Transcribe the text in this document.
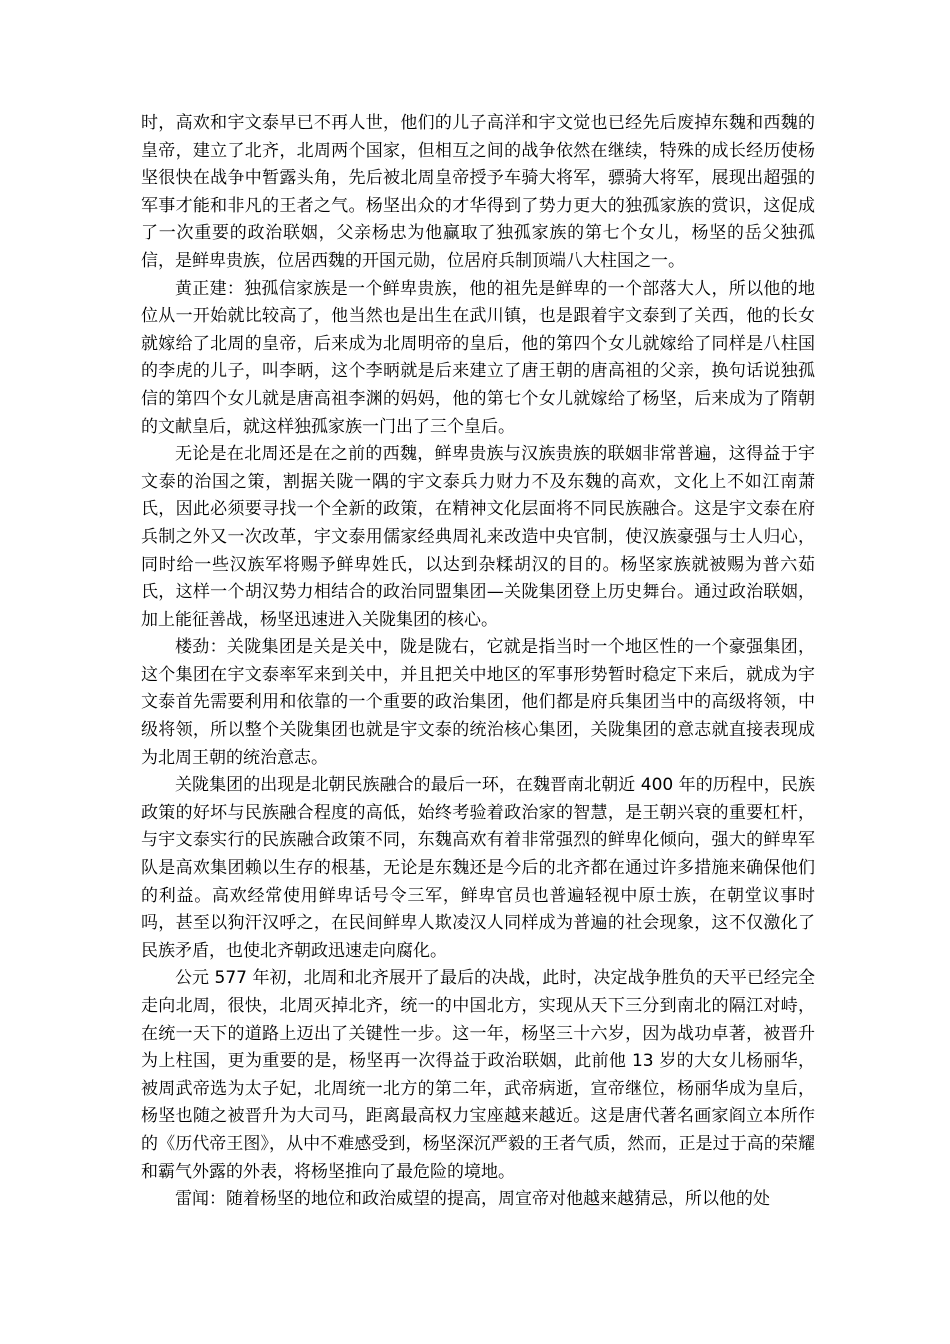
时，高欢和宇文泰早已不再人世，他们的儿子高洋和宇文觉也已经先后废掉东魏和西魏的皇帝，建立了北齐，北周两个国家，但相互之间的战争依然在继续，特殊的成长经历使杨坚很快在战争中暂露头角，先后被北周皇帝授予车骑大将军，骠骑大将军，展现出超强的军事才能和非凡的王者之气。杨坚出众的才华得到了势力更大的独孤家族的赏识，这促成了一次重要的政治联姻，父亲杨忠为他赢取了独孤家族的第七个女儿，杨坚的岳父独孤信，是鲜卑贵族，位居西魏的开国元勋，位居府兵制顶端八大柱国之一。

黄正建：独孤信家族是一个鲜卑贵族，他的祖先是鲜卑的一个部落大人，所以他的地位从一开始就比较高了，他当然也是出生在武川镇，也是跟着宇文泰到了关西，他的长女就嫁给了北周的皇帝，后来成为北周明帝的皇后，他的第四个女儿就嫁给了同样是八柱国的李虎的儿子，叫李昞，这个李昞就是后来建立了唐王朝的唐高祖的父亲，换句话说独孤信的第四个女儿就是唐高祖李渊的妈妈，他的第七个女儿就嫁给了杨坚，后来成为了隋朝的文献皇后，就这样独孤家族一门出了三个皇后。

无论是在北周还是在之前的西魏，鲜卑贵族与汉族贵族的联姻非常普遍，这得益于宇文泰的治国之策，割据关陇一隅的宇文泰兵力财力不及东魏的高欢，文化上不如江南萧氏，因此必须要寻找一个全新的政策，在精神文化层面将不同民族融合。这是宇文泰在府兵制之外又一次改革，宇文泰用儒家经典周礼来改造中央官制，使汉族豪强与士人归心，同时给一些汉族军将赐予鲜卑姓氏，以达到杂糅胡汉的目的。杨坚家族就被赐为普六茹氏，这样一个胡汉势力相结合的政治同盟集团—关陇集团登上历史舞台。通过政治联姻，加上能征善战，杨坚迅速进入关陇集团的核心。

楼劲：关陇集团是关是关中，陇是陇右，它就是指当时一个地区性的一个豪强集团，这个集团在宇文泰率军来到关中，并且把关中地区的军事形势暂时稳定下来后，就成为宇文泰首先需要利用和依靠的一个重要的政治集团，他们都是府兵集团当中的高级将领，中级将领，所以整个关陇集团也就是宇文泰的统治核心集团，关陇集团的意志就直接表现成为北周王朝的统治意志。

关陇集团的出现是北朝民族融合的最后一环，在魏晋南北朝近 400 年的历程中，民族政策的好坏与民族融合程度的高低，始终考验着政治家的智慧，是王朝兴衰的重要杠杆，与宇文泰实行的民族融合政策不同，东魏高欢有着非常强烈的鲜卑化倾向，强大的鲜卑军队是高欢集团赖以生存的根基，无论是东魏还是今后的北齐都在通过许多措施来确保他们的利益。高欢经常使用鲜卑话号令三军，鲜卑官员也普遍轻视中原士族，在朝堂议事时吗，甚至以狗汗汉呼之，在民间鲜卑人欺凌汉人同样成为普遍的社会现象，这不仅激化了民族矛盾，也使北齐朝政迅速走向腐化。

公元 577 年初，北周和北齐展开了最后的决战，此时，决定战争胜负的天平已经完全走向北周，很快，北周灭掉北齐，统一的中国北方，实现从天下三分到南北的隔江对峙，在统一天下的道路上迈出了关键性一步。这一年，杨坚三十六岁，因为战功卓著，被晋升为上柱国，更为重要的是，杨坚再一次得益于政治联姻，此前他 13 岁的大女儿杨丽华，被周武帝选为太子妃，北周统一北方的第二年，武帝病逝，宣帝继位，杨丽华成为皇后，杨坚也随之被晋升为大司马，距离最高权力宝座越来越近。这是唐代著名画家阎立本所作的《历代帝王图》，从中不难感受到，杨坚深沉严毅的王者气质，然而，正是过于高的荣耀和霸气外露的外表，将杨坚推向了最危险的境地。

雷闻：随着杨坚的地位和政治威望的提高，周宣帝对他越来越猜忌，所以他的处
